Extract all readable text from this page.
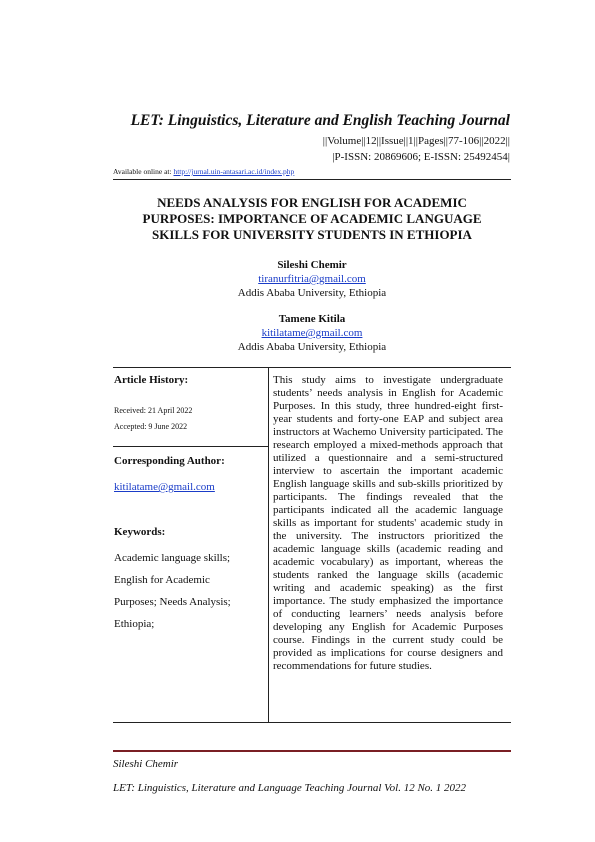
LET: Linguistics, Literature and English Teaching Journal
||Volume||12||Issue||1||Pages||77-106||2022||
|P-ISSN: 20869606; E-ISSN: 25492454|
Available online at: http://jurnal.uin-antasari.ac.id/index.php
NEEDS ANALYSIS FOR ENGLISH FOR ACADEMIC
PURPOSES: IMPORTANCE OF ACADEMIC LANGUAGE
SKILLS FOR UNIVERSITY STUDENTS IN ETHIOPIA
Sileshi Chemir
tiranurfitria@gmail.com
Addis Ababa University, Ethiopia
Tamene Kitila
kitilatame@gmail.com
Addis Ababa University, Ethiopia
Article History:
Received: 21 April 2022
Accepted: 9 June 2022
Corresponding Author:
kitilatame@gmail.com
Keywords:
Academic language skills;
English for Academic
Purposes; Needs Analysis;
Ethiopia;
This study aims to investigate undergraduate students’ needs analysis in English for Academic Purposes. In this study, three hundred-eight first-year students and forty-one EAP and subject area instructors at Wachemo University participated. The research employed a mixed-methods approach that utilized a questionnaire and a semi-structured interview to ascertain the important academic English language skills and sub-skills prioritized by participants. The findings revealed that the participants indicated all the academic language skills as important for students' academic study in the university. The instructors prioritized the academic language skills (academic reading and academic vocabulary) as important, whereas the students ranked the language skills (academic writing and academic speaking) as the first importance. The study emphasized the importance of conducting learners’ needs analysis before developing any English for Academic Purposes course. Findings in the current study could be provided as implications for course designers and recommendations for future studies.
Sileshi Chemir
LET: Linguistics, Literature and Language Teaching Journal Vol. 12 No. 1 2022
